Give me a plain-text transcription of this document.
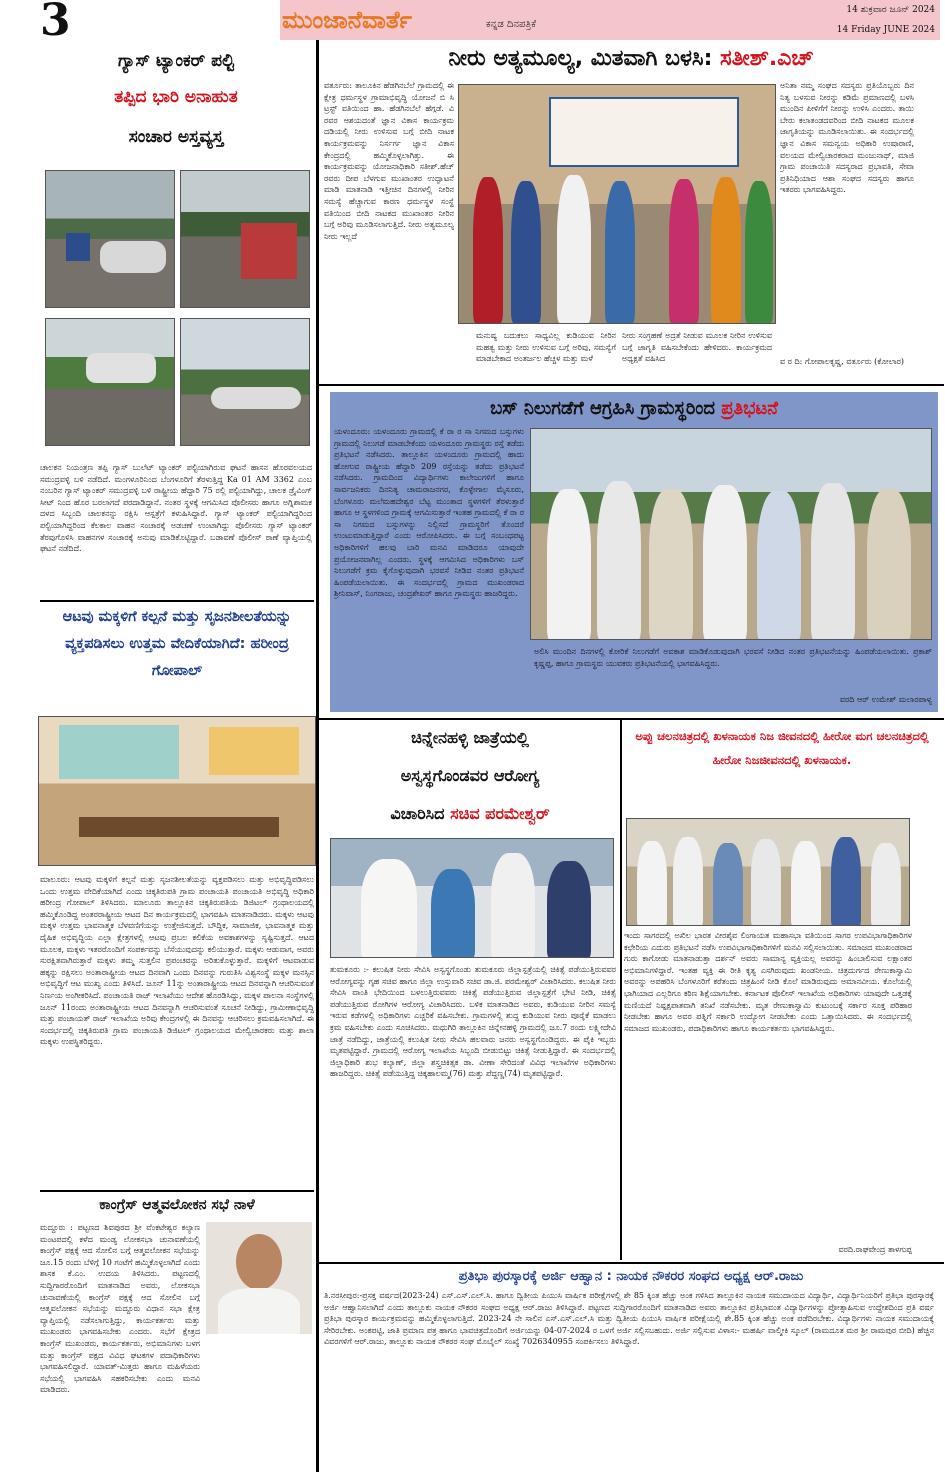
3	ಮುಂಜಾನೆವಾರ್ತೆ	ಕನ್ನಡ ದಿನಪತ್ರಿಕೆ
14 ಶುಕ್ರವಾರ ಜೂನ್ 2024
14 Friday JUNE 2024
ಗ್ಯಾಸ್ ಟ್ಯಾಂಕರ್ ಪಲ್ಟಿ
ತಪ್ಪಿದ ಭಾರಿ ಅನಾಹುತ
ಸಂಚಾರ ಅಸ್ತವ್ಯಸ್ತ
ಚಾಲಕನ ನಿಯಂತ್ರಣ ತಪ್ಪಿ ಗ್ಯಾಸ್ ಬುಲೆಟ್ ಟ್ಯಾಂಕರ್ ಪಲ್ಟಿಯಾಗಿರುವ ಘಟನೆ ಹಾಸನ ಹೊರವಲಯದ ಸಮುದ್ರವಳ್ಳಿ ಬಳಿ ನಡೆದಿದೆ. ಮಂಗಳೂರಿನಿಂದ ಬೆಂಗಳೂರಿಗೆ ತೆರಳುತ್ತಿದ್ದ Ka 01 AM 3362 ಎಂಬ ನಂಬರಿನ ಗ್ಯಾಸ್ ಟ್ಯಾಂಕರ್ ಸಮುದ್ರವಳ್ಳಿ ಬಳಿ ರಾಷ್ಟ್ರೀಯ ಹೆದ್ದಾರಿ 75 ರಲ್ಲಿ ಪಲ್ಟಿಯಾಗಿದ್ದು, ಚಾಲಕ ಡ್ರೈವಿಂಗ್ ಸೀಟ್ ನಿಂದ ಹೊರ ಬರಲಾಗದೆ ಪರದಾಡಿದ್ದಾನೆ. ನಂತರ ಸ್ಥಳಕ್ಕೆ ಆಗಮಿಸಿದ ಪೊಲೀಸರು ಹಾಗೂ ಅಗ್ನಿಶಾಮಕ ದಳದ ಸಿಬ್ಬಂದಿ ಚಾಲಕನನ್ನು ರಕ್ಷಿಸಿ ಆಸ್ಪತ್ರೆಗೆ ಕಳುಹಿಸಿದ್ದಾರೆ. ಗ್ಯಾಸ್ ಟ್ಯಾಂಕರ್ ಪಲ್ಟಿಯಾಗಿದ್ದರಿಂದ ಪಲ್ಟಿಯಾಗಿದ್ದರಿಂದ ಕೆಲಕಾಲ ವಾಹನ ಸಂಚಾರಕ್ಕೆ ಅಡಚಣೆ ಉಂಟಾಗಿದ್ದು ಪೊಲೀಸರು ಗ್ಯಾಸ್ ಟ್ಯಾಂಕರ್ ತೆರವುಗೊಳಿಸಿ ವಾಹನಗಳ ಸಂಚಾರಕ್ಕೆ ಅನುವು ಮಾಡಿಕೊಟ್ಟಿದ್ದಾರೆ. ಬಡಾವಣೆ ಪೊಲೀಸ್ ಠಾಣೆ ವ್ಯಾಪ್ತಿಯಲ್ಲಿ ಘಟನೆ ನಡೆದಿದೆ.
ಆಟವು ಮಕ್ಕಳಿಗೆ ಕಲ್ಪನೆ ಮತ್ತು ಸೃಜನಶೀಲತೆಯನ್ನು ವ್ಯಕ್ತಪಡಿಸಲು ಉತ್ತಮ ವೇದಿಕೆಯಾಗಿದೆ: ಹರೀಂದ್ರ ಗೋಪಾಲ್
ಮಾಲೂರು: ಆಟವು ಮಕ್ಕಳಿಗೆ ಕಲ್ಪನೆ ಮತ್ತು ಸೃಜನಶೀಲತೆಯನ್ನು ವ್ಯಕ್ತಪಡಿಸಲು ಮತ್ತು ಅಭಿವೃದ್ಧಿಪಡಿಸಲು ಒಂದು ಉತ್ತಮ ವೇದಿಕೆಯಾಗಿದೆ ಎಂದು ಚಿಕ್ಕತಿರುಪತಿ ಗ್ರಾಮ ಪಂಚಾಯತಿ ಪಂಚಾಯತಿ ಅಭಿವೃದ್ಧಿ ಅಧಿಕಾರಿ ಹರೀಂದ್ರ ಗೋಪಾಲ್ ತಿಳಿಸಿದರು. ಮಾಲೂರು ತಾಲ್ಲೂಕಿನ ಚಿಕ್ಕತಿರುಪತಿಯ ಡಿಜಿಟಲ್ ಗ್ರಂಥಾಲಯದಲ್ಲಿ ಹಮ್ಮಿಕೊಂಡಿದ್ದ ಅಂತರರಾಷ್ಟ್ರೀಯ ಆಟದ ದಿನ ಕಾರ್ಯಕ್ರಮದಲ್ಲಿ ಭಾಗವಹಿಸಿ ಮಾತನಾಡಿದರು. ಮಕ್ಕಳು ಆಟವು ಮಕ್ಕಳ ಉತ್ತಮ ಭಾವನಾತ್ಮಕ ಬೆಳವಣಿಗೆಯನ್ನು ಉತ್ತೇಜಿಸುತ್ತದೆ. ಬೌದ್ಧಿಕ, ಸಾಮಾಜಿಕ, ಭಾವನಾತ್ಮಕ ಮತ್ತು ದೈಹಿಕ ಅಭಿವೃದ್ಧಿಯ ಎಲ್ಲಾ ಕ್ಷೇತ್ರಗಳಲ್ಲಿ ಆಟವು ಪ್ರಬಲ ಕಲಿಕೆಯ ಅವಕಾಶಗಳನ್ನು ಸೃಷ್ಟಿಸುತ್ತದೆ. ಆಟದ ಮೂಲಕ, ಮಕ್ಕಳು ಇತರರೊಂದಿಗೆ ಸಂಪರ್ಕವನ್ನು ಬೆಸೆಯುವುದನ್ನು ಕಲಿಯುತ್ತಾರೆ. ಮಕ್ಕಳು ಆಡುವಾಗ, ಅವರು ಸುರಕ್ಷಿತವಾಗಿರುತ್ತಾರೆ ಮಕ್ಕಳು ತಮ್ಮ ಸುತ್ತಲಿನ ಪ್ರಪಂಚವನ್ನು ಅರಿತುಕೊಳ್ಳುತ್ತಾರೆ. ಮಕ್ಕಳಿಗೆ ಆಟವಾಡುವ ಹಕ್ಕನ್ನು ರಕ್ಷಿಸಲು ಅಂತಾರಾಷ್ಟ್ರೀಯ ಆಟದ ದಿನವಾಗಿ ಒಂದು ದಿನವನ್ನು ಗುರುತಿಸಿ ವಿಶ್ವಸಂಸ್ಥೆ ಮಕ್ಕಳ ಮನಸ್ಸಿನ ಅಭಿವೃದ್ಧಿಗೆ ಆಟ ಮುಖ್ಯ ಎಂದು ತಿಳಿಸಿದೆ. ಜೂನ್ 11ನ್ನು ಅಂತಾರಾಷ್ಟ್ರೀಯ ಆಟದ ದಿನವನ್ನಾಗಿ ಆಚರಿಸುವಂತೆ ನಿರ್ಣಯ ಅಂಗೀಕರಿಸಿದೆ. ಪಂಚಾಯತಿ ರಾಜ್ ಇಲಾಖೆಯು ಆದೇಶ ಹೊರಡಿಸಿದ್ದು, ಮಕ್ಕಳ ಪಾಲನಾ ಸಂಸ್ಥೆಗಳಲ್ಲಿ ಜೂನ್ 11ರಂದು ಅಂತಾರಾಷ್ಟ್ರೀಯ ಆಟದ ದಿನವನ್ನಾಗಿ ಆಚರಿಸುವಂತೆ ಸೂಚನೆ ನೀಡಿದ್ದು, ಗ್ರಾಮೀಣಾಭಿವೃದ್ಧಿ ಮತ್ತು ಪಂಚಾಯತ್ ರಾಜ್ ಇಲಾಖೆಯ ಅರಿವು ಕೇಂದ್ರಗಳಲ್ಲಿ ಈ ದಿನವನ್ನು ಆಚರಿಸಲು ಕ್ರಮವಹಿಸಲಾಗಿದೆ. ಈ ಸಂದರ್ಭದಲ್ಲಿ ಚಿಕ್ಕತಿರುಪತಿ ಗ್ರಾಮ ಪಂಚಾಯತಿ ಡಿಜಿಟಲ್ ಗ್ರಂಥಾಲಯದ ಮೇಲ್ವಿಚಾರಕರು ಮತ್ತು ಶಾಲಾ ಮಕ್ಕಳು ಉಪಸ್ಥಿತರಿದ್ದರು.
ಕಾಂಗ್ರೆಸ್ ಆತ್ಮವಲೋಕನ ಸಭೆ ನಾಳೆ
ಮದ್ದೂರು : ಪಟ್ಟಣದ ಶಿವಪುರದ ಶ್ರೀ ವೆಂಕಟೇಶ್ವರ ಕಲ್ಯಾಣ ಮಂಟಪದಲ್ಲಿ ಕಳೆದ ಮಂಡ್ಯ ಲೋಕಸಭಾ ಚುನಾವಣೆಯಲ್ಲಿ ಕಾಂಗ್ರೆಸ್ ಪಕ್ಷಕ್ಕೆ ಆದ ಸೋಲಿನ ಬಗ್ಗೆ ಆತ್ಮವಲೋಕನ ಸಭೆಯನ್ನು ಜೂ.15 ರಂದು ಬೆಳಿಗ್ಗೆ 10 ಗಂಟೆಗೆ ಹಮ್ಮಿಕೊಳ್ಳಲಾಗಿದೆ ಎಂದು ಶಾಸಕ ಕೆ.ಎಂ. ಉದಯ ತಿಳಿಸಿದರು. ಪಟ್ಟಣದಲ್ಲಿ ಸುದ್ದಿಗಾರರೊಂದಿಗೆ ಮಾತನಾಡಿದ ಅವರು, ಲೋಕಸಭಾ ಚುನಾವಣೆಯಲ್ಲಿ ಕಾಂಗ್ರೆಸ್ ಪಕ್ಷಕ್ಕೆ ಆದ ಸೋಲಿನ ಬಗ್ಗೆ ಆತ್ಮವಲೋಕನ ಸಭೆಯನ್ನು ಮದ್ದೂರು ವಿಧಾನ ಸಭಾ ಕ್ಷೇತ್ರ ವ್ಯಾಪ್ತಿಯಲ್ಲಿ ನಡೆಸಲಾಗುತ್ತಿದ್ದು, ಕಾರ್ಯಕರ್ತರು ಮತ್ತು ಮುಖಂಡರು ಭಾಗವಹಿಸಬೇಕು ಎಂದರು. ಸಭೆಗೆ ಕ್ಷೇತ್ರದ ಕಾಂಗ್ರೆಸ್ ಮುಖಂಡರು, ಕಾರ್ಯಕರ್ತರು, ಅಭಿಮಾನಿಗಳು ಬಳಗ ಮತ್ತು ಕಾಂಗ್ರೆಸ್ ಪಕ್ಷದ ವಿವಿಧ ಘಟಕಗಳ ಪದಾಧಿಕಾರಿಗಳು ಭಾಗವಹಿಸಲಿದ್ದಾರೆ. ಯಾವತ್-ಮಿತ್ತರು ಹಾಗೂ ಮಹಿಳೆಯರು ಸಭೆಯಲ್ಲಿ ಭಾಗವಹಿಸಿ ಸಹಕರಿಸಬೇಕು ಎಂದು ಮನವಿ ಮಾಡಿದರು.
ನೀರು ಅತ್ಯಮೂಲ್ಯ, ಮಿತವಾಗಿ ಬಳಸಿ: ಸತೀಶ್.ಎಚ್
ವರ್ತೂರು: ತಾಲೂಕಿನ ಹೆಡಗಿನಬೆಲೆ ಗ್ರಾಮದಲ್ಲಿ ಈ ಕ್ಷೇತ್ರ ಧರ್ಮಸ್ಥಳ ಗ್ರಾಮಾಭಿವೃದ್ಧಿ ಯೋಜನೆ ಬಿ ಸಿ ಟ್ರಸ್ಟ್ ವತಿಯಿಂದ ಹಾ. ಹೆಡಗಿನಬೆಲೆ ಹೆಗ್ಗಡೆ. ವಿ ರವರ ಆಶಯದಂತೆ ಜ್ಞಾನ ವಿಕಾಸ ಕಾರ್ಯಕ್ರಮ ದಡಿಯಲ್ಲಿ ನೀರು ಉಳಿಸುವ ಬಗ್ಗೆ ಬೀದಿ ನಾಟಕ ಕಾರ್ಯಕ್ರಮವನ್ನು ನಿರ್ಸರ್ಗ ಜ್ಞಾನ ವಿಕಾಸ ಕೇಂದ್ರದಲ್ಲಿ ಹಮ್ಮಿಕೊಳ್ಳಲಾಗಿತ್ತು. ಈ ಕಾರ್ಯಕ್ರಮವನ್ನು ಯೋಜನಾಧಿಕಾರಿ ಸತೀಶ್.ಹೆಚ್ ರವರು ದೀಪ ಬೆಳಗುವ ಮುಖಾಂತರ ಉದ್ಘಾಟನೆ ಮಾಡಿ ಮಾತನಾಡಿ ಇತ್ತೀಚಿನ ದಿನಗಳಲ್ಲಿ ನೀರಿನ ಸಮಸ್ಯೆ ಹೆಚ್ಚಾಗುವ ಕಾರಣ ಧರ್ಮಸ್ಥಳ ಸಂಸ್ಥೆ ವತಿಯಿಂದ ಬೀದಿ ನಾಟಕದ ಮುಖಾಂತರ ನೀರಿನ ಬಗ್ಗೆ ಅರಿವು ಮೂಡಿಸಲಾಗುತ್ತಿದೆ. ನೀರು ಅತ್ಯಮೂಲ್ಯ ನೀರು ಇಲ್ಲದೆ
ಮನುಷ್ಯ ಬದುಕಲು ಸಾಧ್ಯವಿಲ್ಲ ಕುಡಿಯುವ ನೀರಿನ ಮಹತ್ವ ಮತ್ತು ನೀರು ಉಳಿಸುವ ಬಗ್ಗೆ ಅರಿವು, ಸಮಸ್ಯೆಗೆ ಮಾಡಬೇಕಾದ ಅಂತರ್ಜಲ ಹೆಚ್ಚಳ ಮತ್ತು ಮಳೆ
ನೀರು ಸಂಗ್ರಹಣೆ ಅದ್ರತೆ ನೀಡುವ ಮೂಲಕ ನೀರಿನ ಉಳಿಸುವ ಬಗ್ಗೆ ಜಾಗೃತಿ ವಹಿಸಬೇಕೆಂದು ಹೇಳಿದರು. ಕಾರ್ಯಕ್ರಮದ ಅಧ್ಯಕ್ಷತೆ ವಹಿಸಿದ
ಅನಿತಾ ನಮ್ಮ ಸಂಘದ ಸದಸ್ಯರು ಪ್ರತಿಯೊಬ್ಬರು ದಿನ ನಿತ್ಯ ಬಳಸುವ ನೀರನ್ನು ಕಡಿಮೆ ಪ್ರಮಾಣದಲ್ಲಿ ಬಳಸಿ ಮುಂದಿನ ಪೀಳಿಗೆಗೆ ನೀರನ್ನು ಉಳಿಸಿ ಎಂದರು. ತಾಯಿ ಬೇರು ಕಲಾತಂಡದವರಿಂದ ಬೀದಿ ನಾಟಕದ ಮೂಲಕ ಜಾಗೃತಿಯನ್ನು ಮೂಡಿಸಲಾಯಿತು. ಈ ಸಂದರ್ಭದಲ್ಲಿ ಜ್ಞಾನ ವಿಕಾಸ ಸಮನ್ವಯ ಅಧಿಕಾರಿ ಉಷಾರಾಣಿ, ವಲಯದ ಮೇಲ್ವಿಚಾರಕರಾದ ಮಂಜುನಾಥ್, ಮಾಜಿ ಗ್ರಾಮ ಪಂಚಾಯಿತಿ ಸದಸ್ಯರಾದ ಪ್ರಭಾವತಿ, ಸೇವಾ ಪ್ರತಿನಿಧಿಯಾದ ಆಶಾ ಸಂಘದ ಸದಸ್ಯರು ಹಾಗೂ ಇತರರು ಭಾಗವಹಿಸಿದ್ದರು.
ವ ರ ದಿ: ಗೋಪಾಲಕೃಷ್ಣ, ವರ್ತೂರು (ಕೋಲಾರ)
ಬಸ್ ನಿಲುಗಡೆಗೆ ಆಗ್ರಹಿಸಿ ಗ್ರಾಮಸ್ಥರಿಂದ ಪ್ರತಿಭಟನೆ
ಯಳಂದೂರು: ಯಳಂದೂರು ಗ್ರಾಮದಲ್ಲಿ ಕೆ ರಾ ರ ಸಾ ನಿಗಮದ ಬಸ್ಸುಗಳು ಗ್ರಾಮದಲ್ಲಿ ನಿಲುಗಡೆ ಮಾಡಬೇಕೆಂದು ಯಳಂದೂರು ಗ್ರಾಮಸ್ಥರು ರಸ್ತೆ ತಡೆದು ಪ್ರತಿಭಟನೆ ನಡೆಸಿದರು. ತಾಲ್ಲೂಕಿನ ಯಳಂದೂರು ಗ್ರಾಮದಲ್ಲಿ ಹಾದು ಹೋಗುವ ರಾಷ್ಟ್ರೀಯ ಹೆದ್ದಾರಿ 209 ರಸ್ತೆಯನ್ನು ತಡೆದು ಪ್ರತಿಭಟನೆ ನಡೆಸಿದರು. ಗ್ರಾಮದಿಂದ ವಿದ್ಯಾರ್ಥಿಗಳು ಕಾಲೇಜುಗಳಿಗೆ ಹಾಗೂ ಸಾರ್ವಜನಿಕರು ದಿನನಿತ್ಯ ಚಾಮರಾಜನಗರ, ಕೊಳ್ಳೇಗಾಲ ಮೈಸೂರು, ಬೆಂಗಳೂರು ಮಲೆಮಹದೇಶ್ವರ ಬೆಟ್ಟ ಮುಂತಾದ ಸ್ಥಳಗಳಿಗೆ ತೆರಳುತ್ತಾರೆ ಹಾಗೂ ಆ ಸ್ಥಳಗಳಿಂದ ಗ್ರಾಮಕ್ಕೆ ಆಗಮಿಸುತ್ತಾರೆ ಇಂತಹ ಗ್ರಾಮದಲ್ಲಿ ಕೆ ರಾ ರ ಸಾ ನಿಗಮದ ಬಸ್ಸುಗಳನ್ನು ನಿಲ್ಲಿಸದೆ ಗ್ರಾಮಸ್ಥರಿಗೆ ತೊಂದರೆ ಉಂಟುಮಾಡುತ್ತಿದ್ದಾರೆ ಎಂದು ಆರೋಪಿಸಿದರು. ಈ ಬಗ್ಗೆ ಸಂಬಂಧಪಟ್ಟ ಅಧಿಕಾರಿಗಳಿಗೆ ಹಲವು ಬಾರಿ ಮನವಿ ಮಾಡಿದರೂ ಯಾವುದೇ ಪ್ರಯೋಜನವಾಗಿಲ್ಲ ಎಂದರು. ಸ್ಥಳಕ್ಕೆ ಆಗಮಿಸಿದ ಅಧಿಕಾರಿಗಳು ಬಸ್ ನಿಲುಗಡೆಗೆ ಕ್ರಮ ಕೈಗೊಳ್ಳುವುದಾಗಿ ಭರವಸೆ ನೀಡಿದ ನಂತರ ಪ್ರತಿಭಟನೆ ಹಿಂಪಡೆಯಲಾಯಿತು. ಈ ಸಂದರ್ಭದಲ್ಲಿ ಗ್ರಾಮದ ಮುಖಂಡರಾದ ಶ್ರೀನಿವಾಸ್, ನಿಂಗರಾಜು, ಚಂದ್ರಶೇಖರ್ ಹಾಗೂ ಗ್ರಾಮಸ್ಥರು ಹಾಜರಿದ್ದರು.
ಅಲಿಸಿ ಮುಂದಿನ ದಿನಗಳಲ್ಲಿ ಕೋರಿಕೆ ನಿಲುಗಡೆಗೆ ಅವಕಾಶ ಮಾಡಿಕೊಡುವುದಾಗಿ ಭರವಸೆ ನೀಡಿದ ನಂತರ ಪ್ರತಿಭಟನೆಯನ್ನು ಹಿಂಪಡೆಯಲಾಯಿತು. ಪ್ರಕಾಶ್ ಕೃಷ್ಣಪ್ಪ, ಹಾಗೂ ಗ್ರಾಮಸ್ಥರು ಯುವಕರು ಪ್ರತಿಭಟನೆಯಲ್ಲಿ ಭಾಗವಹಿಸಿದ್ದರು.
ವರದಿ ಆರ್ ಉಮೇಶ್ ಮಲಾರಪಾಳ್ಯ
ಚಿನ್ನೇನಹಳ್ಳಿ ಜಾತ್ರೆಯಲ್ಲಿ
ಅಸ್ವಸ್ಥಗೊಂಡವರ ಆರೋಗ್ಯ
ವಿಚಾರಿಸಿದ ಸಚಿವ ಪರಮೇಶ್ವರ್
ತುಮಕೂರು :- ಕಲುಷಿತ ನೀರು ಸೇವಿಸಿ ಅಸ್ವಸ್ಥಗೊಂಡು ತುಮಕೂರು ಜಿಲ್ಲಾಸ್ಪತ್ರೆಯಲ್ಲಿ ಚಿಕಿತ್ಸೆ ಪಡೆಯುತ್ತಿರುವವರ ಆರೋಗ್ಯವನ್ನು ಗೃಹ ಸಚಿವ ಹಾಗೂ ಜಿಲ್ಲಾ ಉಸ್ತುವಾರಿ ಸಚಿವ ಡಾ.ಜಿ. ಪರಮೇಶ್ವರ್ ವಿಚಾರಿಸಿದರು. ಕಲುಷಿತ ನೀರು ಸೇವಿಸಿ ವಾಂತಿ ಭೇದಿಯಿಂದ ಬಳಲುತ್ತಿರುವವರು ಚಿಕಿತ್ಸೆ ಪಡೆಯುತ್ತಿರುವ ಜಿಲ್ಲಾಸ್ಪತ್ರೆಗೆ ಭೇಟಿ ನೀಡಿ, ಚಿಕಿತ್ಸೆ ಪಡೆಯುತ್ತಿರುವ ರೋಗಿಗಳ ಆರೋಗ್ಯ ವಿಚಾರಿಸಿದರು. ಬಳಿಕ ಮಾತನಾಡಿದ ಅವರು, ಕುಡಿಯುವ ನೀರಿನ ಸಮಸ್ಯೆ ಇರುವ ಕಡೆಗಳಲ್ಲಿ ಅಧಿಕಾರಿಗಳು ಎಚ್ಚರಿಕೆ ವಹಿಸಬೇಕು. ಗ್ರಾಮಗಳಲ್ಲಿ ಶುದ್ಧ ಕುಡಿಯುವ ನೀರು ಪೂರೈಕೆ ಮಾಡಲು ಕ್ರಮ ವಹಿಸಬೇಕು ಎಂದು ಸೂಚಿಸಿದರು. ಮಧುಗಿರಿ ತಾಲ್ಲೂಕಿನ ಚಿನ್ನೇನಹಳ್ಳಿ ಗ್ರಾಮದಲ್ಲಿ ಜೂ.7 ರಂದು ಲಕ್ಷ್ಮೀದೇವಿ ಜಾತ್ರೆ ನಡೆದಿದ್ದು, ಜಾತ್ರೆಯಲ್ಲಿ ಕಲುಷಿತ ನೀರು ಸೇವಿಸಿ ಹಲವಾರು ಜನರು ಅಸ್ವಸ್ಥಗೊಂಡಿದ್ದರು. ಈ ಪೈಕಿ ಇಬ್ಬರು ಮೃತಪಟ್ಟಿದ್ದಾರೆ. ಗ್ರಾಮದಲ್ಲಿ ಆರೋಗ್ಯ ಇಲಾಖೆಯ ಸಿಬ್ಬಂದಿ ಬೀಡುಬಿಟ್ಟು ಚಿಕಿತ್ಸೆ ನೀಡುತ್ತಿದ್ದಾರೆ. ಈ ಸಂದರ್ಭದಲ್ಲಿ ಜಿಲ್ಲಾಧಿಕಾರಿ ಶುಭ ಕಲ್ಯಾಣ್, ಜಿಲ್ಲಾ ಶಸ್ತ್ರಚಿಕಿತ್ಸಕ ಡಾ. ವೀಣಾ ಸೇರಿದಂತೆ ವಿವಿಧ ಇಲಾಖೆಗಳ ಅಧಿಕಾರಿಗಳು ಹಾಜರಿದ್ದರು. ಚಿಕಿತ್ಸೆ ಪಡೆಯುತ್ತಿದ್ದ ಚಿಕ್ಕಹಾಲಮ್ಮ(76) ಮತ್ತು ಪೆದ್ದಣ್ಣ(74) ಮೃತಪಟ್ಟಿದ್ದಾರೆ.
ಅಪ್ಪು ಚಲನಚಿತ್ರದಲ್ಲಿ ಖಳನಾಯಕ ನಿಜ ಜೀವನದಲ್ಲಿ ಹೀರೋ ಮಗ ಚಲನಚಿತ್ರದಲ್ಲಿ ಹೀರೋ ನಿಜಜೀವನದಲ್ಲಿ ಖಳನಾಯಕ.
ಇಂದು ಸಾಗರದಲ್ಲಿ ಅಖಿಲ ಭಾರತ ವೀರಶೈವ ಲಿಂಗಾಯತ ಮಹಾಸಭಾ ವತಿಯಿಂದ ಸಾಗರ ಉಪವಿಭಾಗಾಧಿಕಾರಿಗಳ ಕಛೇರಿಯ ಎದುರು ಪ್ರತಿಭಟನೆ ನಡೆಸಿ ಉಪವಿಭಾಗಾಧಿಕಾರಿಗಳಿಗೆ ಮನವಿ ಸಲ್ಲಿಸಲಾಯಿತು. ಸಮಾಜದ ಮುಖಂಡರಾದ ಗುರು ಕಾಗೋಡು ಮಾತನಾಡುತ್ತಾ ದರ್ಶನ್ ಅವರು ಸಾಮಾನ್ಯ ವ್ಯಕ್ತಿಯಲ್ಲ ಅವರನ್ನು ಹಿಂಬಾಲಿಸುವ ಲಕ್ಷಾಂತರ ಅಭಿಮಾನಿಗಳಿದ್ದಾರೆ. ಇಂತಹ ವ್ಯಕ್ತಿ ಈ ರೀತಿ ಕೃತ್ಯ ಎಸಗಿರುವುದು ಖಂಡನೀಯ. ಚಿತ್ರದುರ್ಗದ ರೇಣುಕಾಸ್ವಾಮಿ ಅವರನ್ನು ಅಪಹರಿಸಿ ಬೆಂಗಳೂರಿಗೆ ಕರೆತಂದು ಚಿತ್ರಹಿಂಸೆ ನೀಡಿ ಕೊಲೆ ಮಾಡಿರುವುದು ಅಮಾನವೀಯ. ಕೊಲೆಯಲ್ಲಿ ಭಾಗಿಯಾದ ಎಲ್ಲರಿಗೂ ಕಠಿಣ ಶಿಕ್ಷೆಯಾಗಬೇಕು. ಕರ್ನಾಟಕ ಪೊಲೀಸ್ ಇಲಾಖೆಯ ಅಧಿಕಾರಿಗಳು ಯಾವುದೇ ಒತ್ತಡಕ್ಕೆ ಮಣಿಯದೆ ನಿಷ್ಪಕ್ಷಪಾತವಾಗಿ ತನಿಖೆ ನಡೆಸಬೇಕು. ಮೃತ ರೇಣುಕಾಸ್ವಾಮಿ ಕುಟುಂಬಕ್ಕೆ ಸರ್ಕಾರ ಸೂಕ್ತ ಪರಿಹಾರ ನೀಡಬೇಕು ಹಾಗೂ ಅವರ ಪತ್ನಿಗೆ ಸರ್ಕಾರಿ ಉದ್ಯೋಗ ನೀಡಬೇಕು ಎಂದು ಒತ್ತಾಯಿಸಿದರು. ಈ ಸಂದರ್ಭದಲ್ಲಿ ಸಮಾಜದ ಮುಖಂಡರು, ಪದಾಧಿಕಾರಿಗಳು ಹಾಗೂ ಕಾರ್ಯಕರ್ತರು ಭಾಗವಹಿಸಿದ್ದರು.
ವರದಿ.ರಾಘವೇಂದ್ರ ತಾಳಗುಪ್ಪ
ಪ್ರತಿಭಾ ಪುರಸ್ಕಾರಕ್ಕೆ ಅರ್ಜಿ ಆಹ್ವಾನ : ನಾಯಕ ನೌಕರರ ಸಂಘದ ಅಧ್ಯಕ್ಷ ಆರ್.ರಾಜು
ತಿ.ನರಸೀಪುರ:-ಪ್ರಸಕ್ತ ವರ್ಷದ(2023-24) ಎಸ್.ಎಸ್.ಎಲ್.ಸಿ. ಹಾಗೂ ದ್ವಿತೀಯ ಪಿಯುಸಿ ವಾರ್ಷಿಕ ಪರೀಕ್ಷೆಗಳಲ್ಲಿ ಶೇ 85 ಕ್ಕಿಂತ ಹೆಚ್ಚು ಅಂಕ ಗಳಿಸಿದ ತಾಲ್ಲೂಕಿನ ನಾಯಕ ಸಮುದಾಯದ ವಿದ್ಯಾರ್ಥಿ, ವಿದ್ಯಾರ್ಥಿನಿಯರಿಗೆ ಪ್ರತಿಭಾ ಪುರಸ್ಕಾರಕ್ಕೆ ಅರ್ಜಿ ಆಹ್ವಾನಿಸಲಾಗಿದೆ ಎಂದು ತಾಲ್ಲೂಕು ನಾಯಕ ನೌಕರರ ಸಂಘದ ಅಧ್ಯಕ್ಷ ಆರ್.ರಾಜು ತಿಳಿಸಿದ್ದಾರೆ. ಪಟ್ಟಣದ ಸುದ್ದಿಗಾರರೊಂದಿಗೆ ಮಾತನಾಡಿದ ಅವರು ತಾಲ್ಲೂಕಿನ ಪ್ರತಿಭಾವಂತ ವಿದ್ಯಾರ್ಥಿಗಳನ್ನು ಪ್ರೋತ್ಸಾಹಿಸುವ ಉದ್ದೇಶದಿಂದ ಪ್ರತಿ ವರ್ಷ ಪ್ರತಿಭಾ ಪುರಸ್ಕಾರ ಕಾರ್ಯಕ್ರಮವನ್ನು ಹಮ್ಮಿಕೊಳ್ಳಲಾಗುತ್ತಿದೆ. 2023-24 ನೇ ಸಾಲಿನ ಎಸ್.ಎಸ್.ಎಲ್.ಸಿ ಮತ್ತು ದ್ವಿತೀಯ ಪಿಯುಸಿ ವಾರ್ಷಿಕ ಪರೀಕ್ಷೆಯಲ್ಲಿ ಶೇ.85 ಕ್ಕಿಂತ ಹೆಚ್ಚು ಅಂಕ ಪಡೆದಿರಬೇಕು. ವಿದ್ಯಾರ್ಥಿಗಳು ನಾಯಕ ಸಮುದಾಯಕ್ಕೆ ಸೇರಿರಬೇಕು. ಅಂಕಪಟ್ಟಿ, ಜಾತಿ ಪ್ರಮಾಣ ಪತ್ರ ಹಾಗೂ ಭಾವಚಿತ್ರದೊಂದಿಗೆ ಅರ್ಜಿಯನ್ನು 04-07-2024 ರ ಒಳಗೆ ಅರ್ಜಿ ಸಲ್ಲಿಸಬಹುದು. ಅರ್ಜಿ ಸಲ್ಲಿಸುವ ವಿಳಾಸ:- ಮಹರ್ಷಿ ವಾಲ್ಮೀಕಿ ಸ್ಕೂಲ್ (ರಾಮದೂತ ಮಠ ಶ್ರೀ ರಾಮಪುರ ಬೀದಿ) ಹೆಚ್ಚಿನ ವಿವರಗಳಿಗೆ ಆರ್.ರಾಜು, ತಾಲ್ಲೂಕು ನಾಯಕ ನೌಕರರ ಸಂಘ ಮೊಬೈಲ್ ಸಂಖ್ಯೆ 7026340955 ಸಂಪರ್ಕಿಸಲು ತಿಳಿಸಿದ್ದಾರೆ.
